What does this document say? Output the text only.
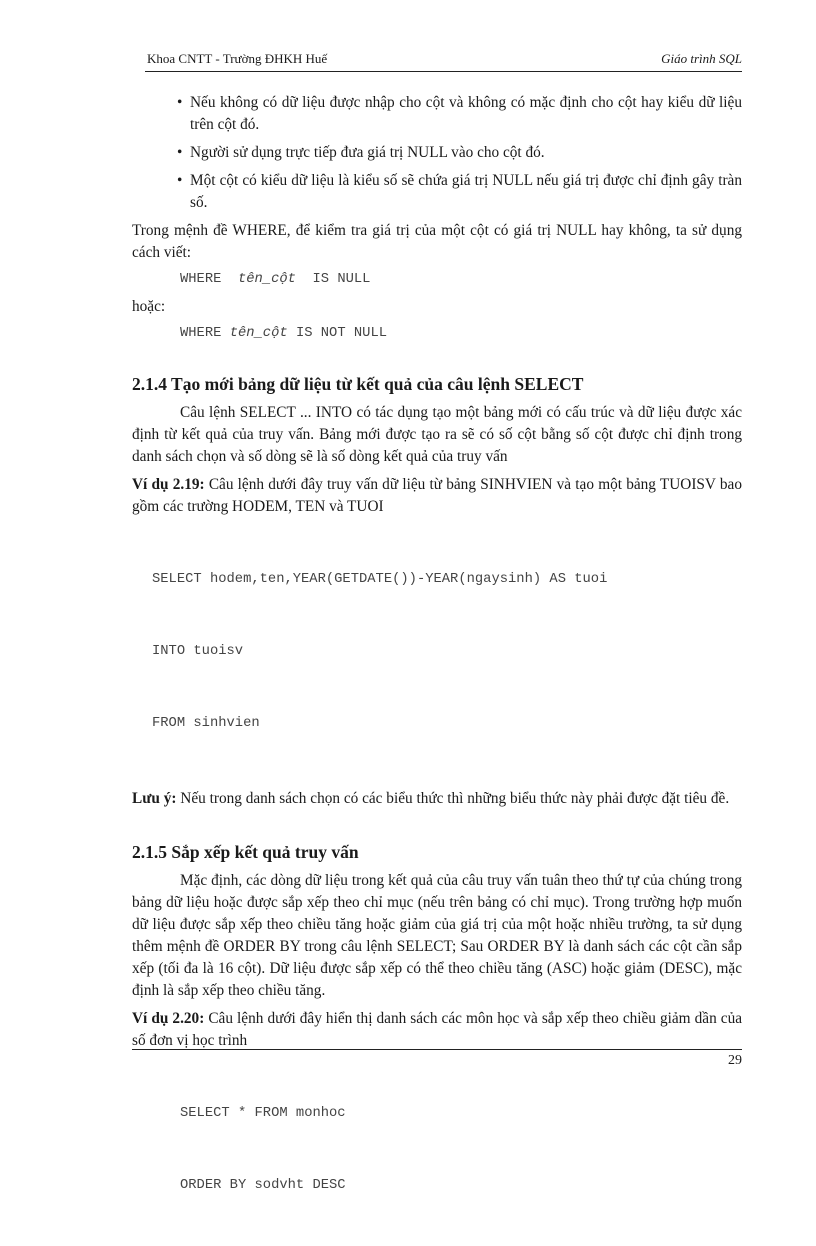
Khoa CNTT - Trường ĐHKH Huế	Giáo trình SQL
• Nếu không có dữ liệu được nhập cho cột và không có mặc định cho cột hay kiểu dữ liệu trên cột đó.
• Người sử dụng trực tiếp đưa giá trị NULL vào cho cột đó.
• Một cột có kiểu dữ liệu là kiểu số sẽ chứa giá trị NULL nếu giá trị được chỉ định gây tràn số.

Trong mệnh đề WHERE, để kiểm tra giá trị của một cột có giá trị NULL hay không, ta sử dụng cách viết:

WHERE tên_cột IS NULL

hoặc:

WHERE tên_cột IS NOT NULL
2.1.4 Tạo mới bảng dữ liệu từ kết quả của câu lệnh SELECT

Câu lệnh SELECT ... INTO có tác dụng tạo một bảng mới có cấu trúc và dữ liệu được xác định từ kết quả của truy vấn. Bảng mới được tạo ra sẽ có số cột bằng số cột được chỉ định trong danh sách chọn và số dòng sẽ là số dòng kết quả của truy vấn

Ví dụ 2.19: Câu lệnh dưới đây truy vấn dữ liệu từ bảng SINHVIEN và tạo một bảng TUOISV bao gồm các trường HODEM, TEN và TUOI

SELECT hodem,ten,YEAR(GETDATE())-YEAR(ngaysinh) AS tuoi

INTO tuoisv

FROM sinhvien

Lưu ý: Nếu trong danh sách chọn có các biểu thức thì những biểu thức này phải được đặt tiêu đề.

2.1.5 Sắp xếp kết quả truy vấn

Mặc định, các dòng dữ liệu trong kết quả của câu truy vấn tuân theo thứ tự của chúng trong bảng dữ liệu hoặc được sắp xếp theo chỉ mục (nếu trên bảng có chỉ mục). Trong trường hợp muốn dữ liệu được sắp xếp theo chiều tăng hoặc giảm của giá trị của một hoặc nhiều trường, ta sử dụng thêm mệnh đề ORDER BY trong câu lệnh SELECT; Sau ORDER BY là danh sách các cột cần sắp xếp (tối đa là 16 cột). Dữ liệu được sắp xếp có thể theo chiều tăng (ASC) hoặc giảm (DESC), mặc định là sắp xếp theo chiều tăng.

Ví dụ 2.20: Câu lệnh dưới đây hiển thị danh sách các môn học và sắp xếp theo chiều giảm dần của số đơn vị học trình

SELECT * FROM monhoc

ORDER BY sodvht DESC

29
